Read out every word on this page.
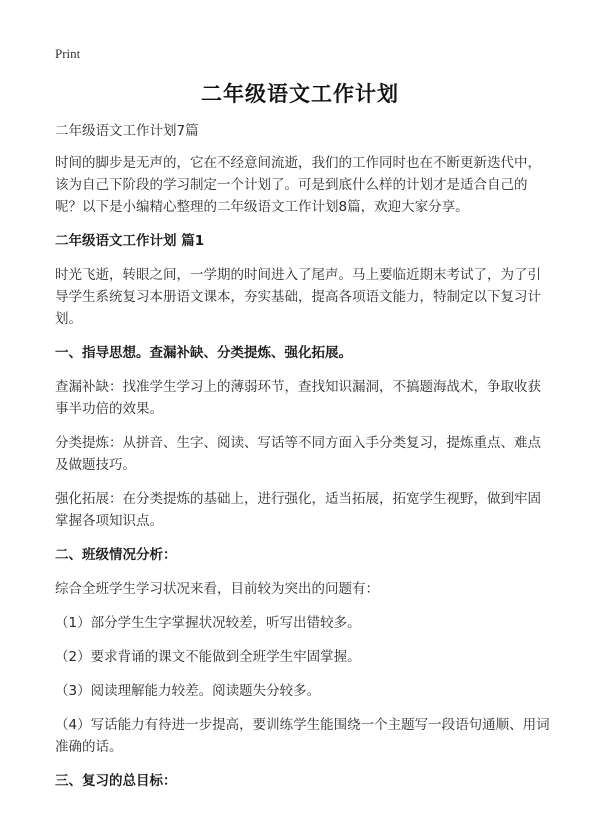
Print
二年级语文工作计划

二年级语文工作计划7篇

时间的脚步是无声的，它在不经意间流逝，我们的工作同时也在不断更新迭代中，该为自己下阶段的学习制定一个计划了。可是到底什么样的计划才是适合自己的呢？以下是小编精心整理的二年级语文工作计划8篇，欢迎大家分享。

二年级语文工作计划 篇1

时光飞逝，转眼之间，一学期的时间进入了尾声。马上要临近期末考试了，为了引导学生系统复习本册语文课本，夯实基础，提高各项语文能力，特制定以下复习计划。

一、指导思想。查漏补缺、分类提炼、强化拓展。

查漏补缺：找准学生学习上的薄弱环节，查找知识漏洞，不搞题海战术，争取收获事半功倍的效果。

分类提炼：从拼音、生字、阅读、写话等不同方面入手分类复习，提炼重点、难点及做题技巧。

强化拓展：在分类提炼的基础上，进行强化，适当拓展，拓宽学生视野，做到牢固掌握各项知识点。

二、班级情况分析：

综合全班学生学习状况来看，目前较为突出的问题有：

（1）部分学生生字掌握状况较差，听写出错较多。

（2）要求背诵的课文不能做到全班学生牢固掌握。

（3）阅读理解能力较差。阅读题失分较多。

（4）写话能力有待进一步提高，要训练学生能围绕一个主题写一段语句通顺、用词准确的话。

三、复习的总目标：
